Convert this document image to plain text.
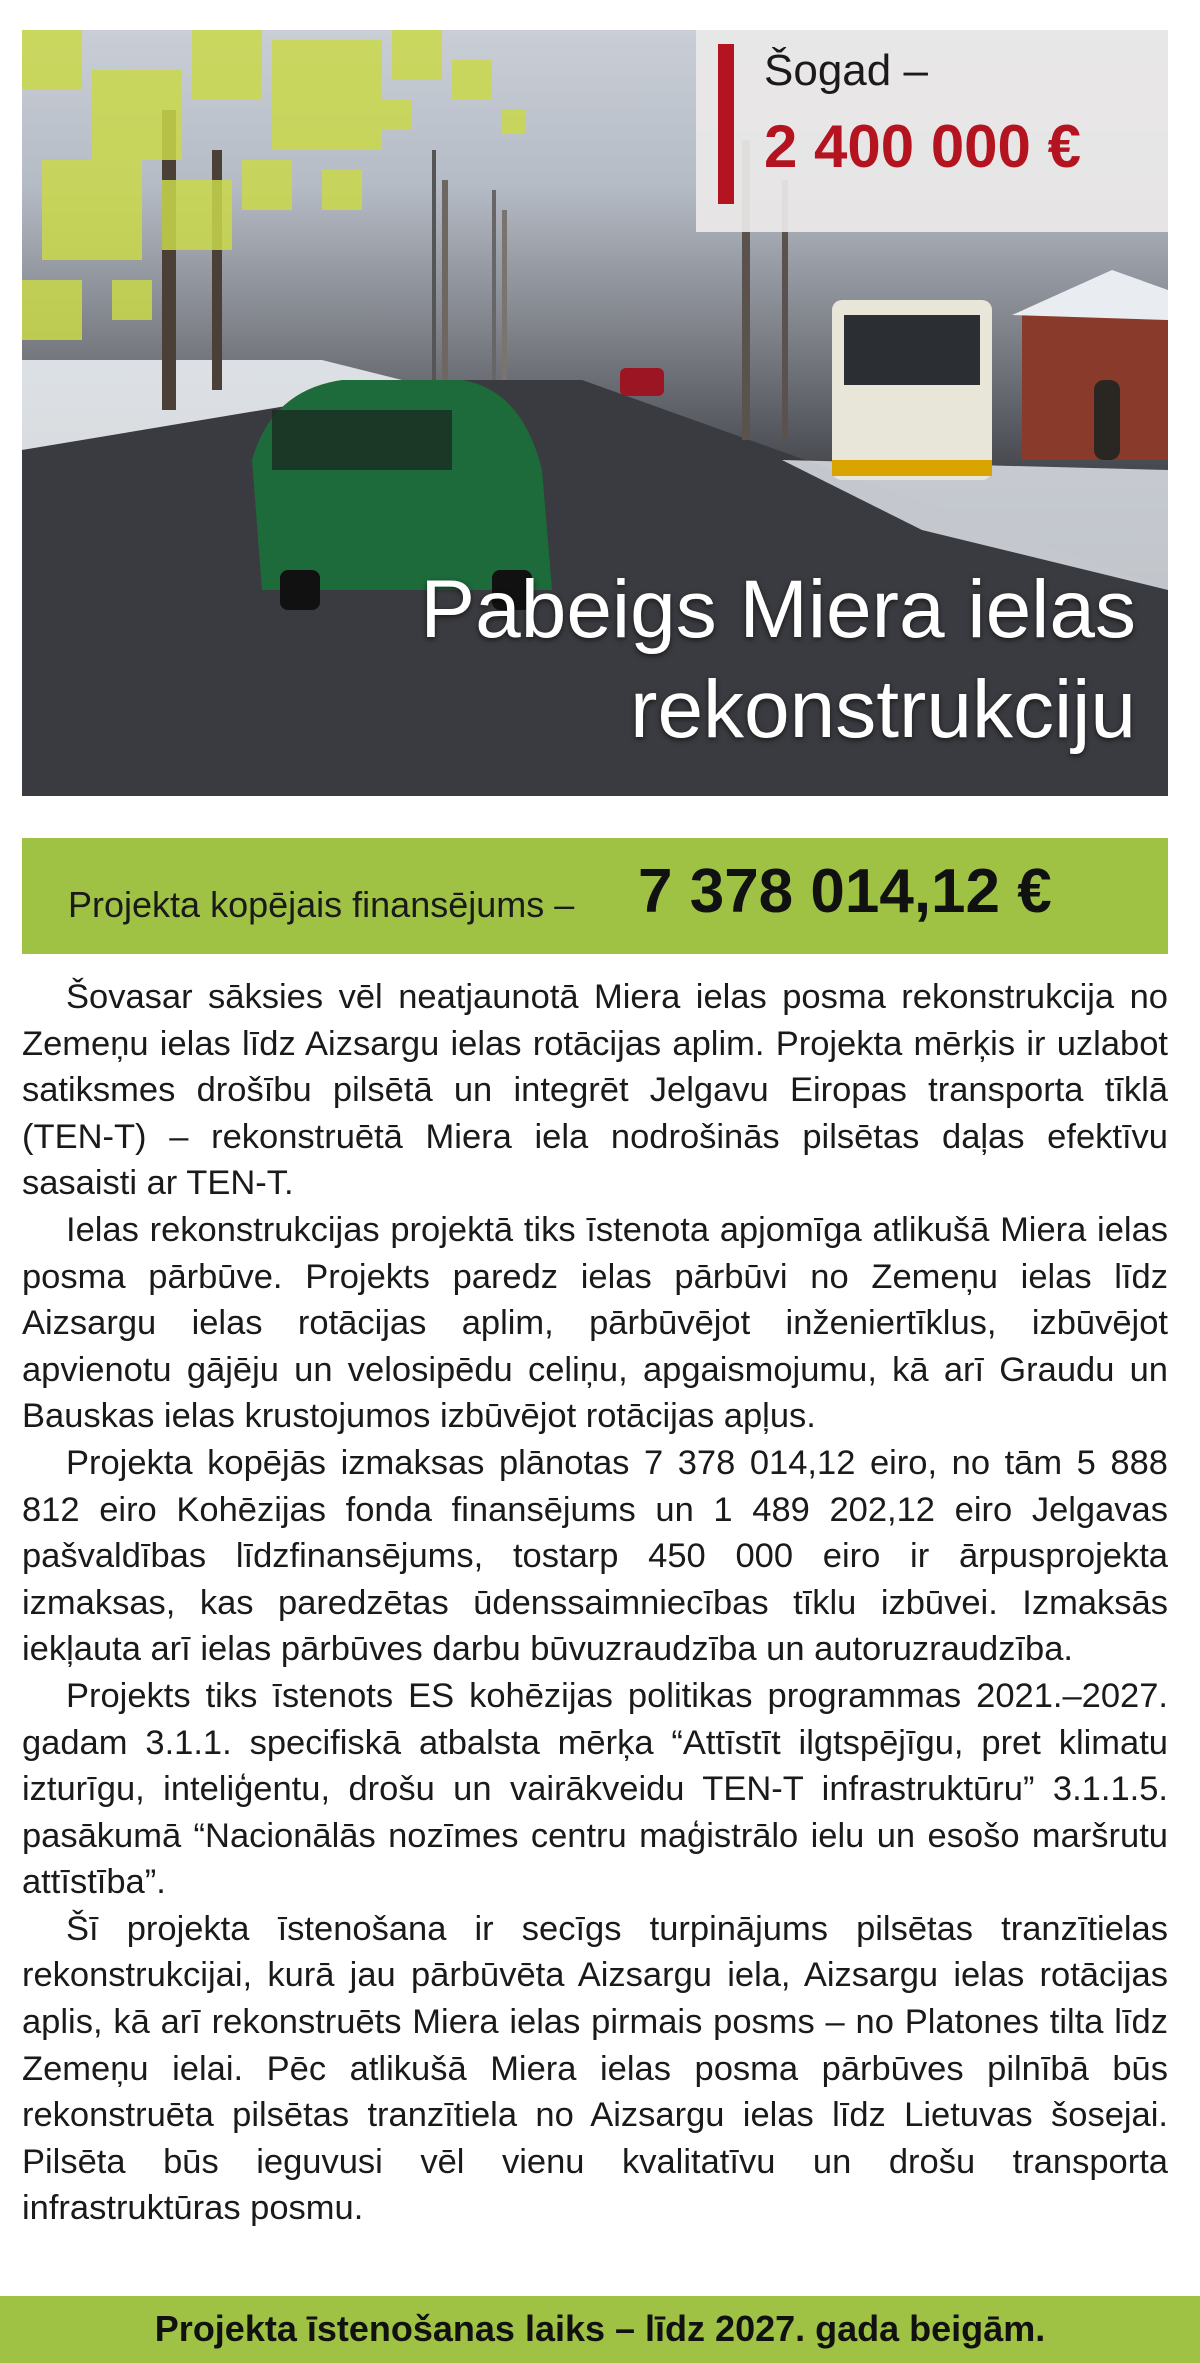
Šogad –
2 400 000 €
Pabeigs Miera ielas
rekonstrukciju
Projekta kopējais finansējums – 7 378 014,12 €

Šovasar sāksies vēl neatjaunotā Miera ielas posma rekonstrukcija no Zemeņu ielas līdz Aizsargu ielas rotācijas aplim. Projekta mērķis ir uzlabot satiksmes drošību pilsētā un integrēt Jelgavu Eiropas transporta tīklā (TEN-T) – rekonstruētā Miera iela nodrošinās pilsētas daļas efektīvu sasaisti ar TEN-T.

Ielas rekonstrukcijas projektā tiks īstenota apjomīga atlikušā Miera ielas posma pārbūve. Projekts paredz ielas pārbūvi no Zemeņu ielas līdz Aizsargu ielas rotācijas aplim, pārbūvējot inženiertīklus, izbūvējot apvienotu gājēju un velosipēdu celiņu, apgaismojumu, kā arī Graudu un Bauskas ielas krustojumos izbūvējot rotācijas apļus.

Projekta kopējās izmaksas plānotas 7 378 014,12 eiro, no tām 5 888 812 eiro Kohēzijas fonda finansējums un 1 489 202,12 eiro Jelgavas pašvaldības līdzfinansējums, tostarp 450 000 eiro ir ārpusprojekta izmaksas, kas paredzētas ūdenssaimniecības tīklu izbūvei. Izmaksās iekļauta arī ielas pārbūves darbu būvuzraudzība un autoruzraudzība.

Projekts tiks īstenots ES kohēzijas politikas programmas 2021.–2027. gadam 3.1.1. specifiskā atbalsta mērķa “Attīstīt ilgtspējīgu, pret klimatu izturīgu, inteliģentu, drošu un vairākveidu TEN-T infrastruktūru” 3.1.1.5. pasākumā “Nacionālās nozīmes centru maģistrālo ielu un esošo maršrutu attīstība”.

Šī projekta īstenošana ir secīgs turpinājums pilsētas tranzītielas rekonstrukcijai, kurā jau pārbūvēta Aizsargu iela, Aizsargu ielas rotācijas aplis, kā arī rekonstruēts Miera ielas pirmais posms – no Platones tilta līdz Zemeņu ielai. Pēc atlikušā Miera ielas posma pārbūves pilnībā būs rekonstruēta pilsētas tranzītiela no Aizsargu ielas līdz Lietuvas šosejai. Pilsēta būs ieguvusi vēl vienu kvalitatīvu un drošu transporta infrastruktūras posmu.

Projekta īstenošanas laiks – līdz 2027. gada beigām.
